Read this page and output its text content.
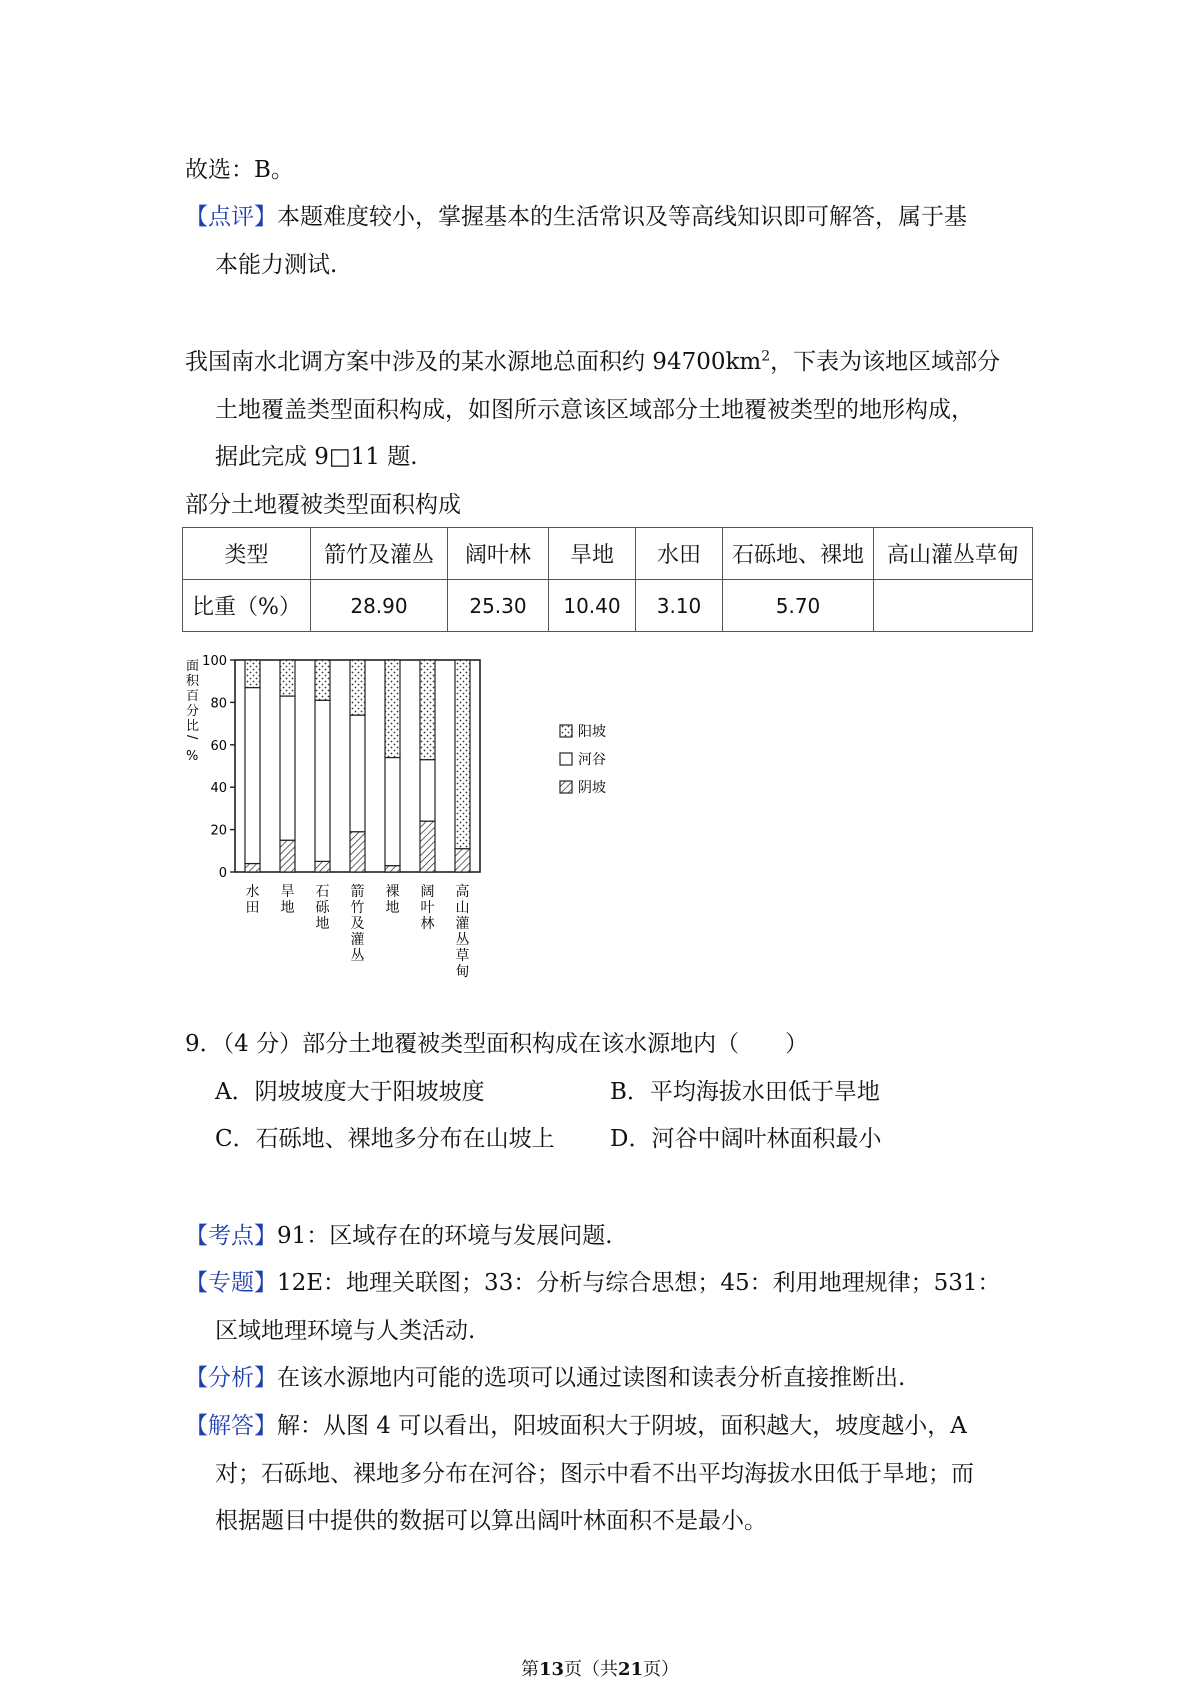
故选：B。
【点评】本题难度较小，掌握基本的生活常识及等高线知识即可解答，属于基
本能力测试.
我国南水北调方案中涉及的某水源地总面积约 $94700km^2$，下表为该地区域部分
土地覆盖类型面积构成，如图所示意该区域部分土地覆被类型的地形构成，
据此完成 9□11 题.
部分土地覆被类型面积构成
类型	箭竹及灌丛	阔叶林	旱地	水田	石砾地、裸地	高山灌丛草甸
比重（%）	28.90	25.30	10.40	3.10	5.70	
面
积
百
分
比
/
%
0
20
40
60
80
100
水
田
旱
地
石
砾
地
箭
竹
及
灌
丛
裸
地
阔
叶
林
高
山
灌
丛
草
甸
阳坡
河谷
阴坡
9．（4 分）部分土地覆被类型面积构成在该水源地内（　　）
A．阴坡坡度大于阳坡坡度	B．平均海拔水田低于旱地
C．石砾地、裸地多分布在山坡上 D．河谷中阔叶林面积最小
【考点】91：区域存在的环境与发展问题.
【专题】12E：地理关联图；33：分析与综合思想；45：利用地理规律；531：
区域地理环境与人类活动.
【分析】在该水源地内可能的选项可以通过读图和读表分析直接推断出.
【解答】解：从图 4 可以看出，阳坡面积大于阴坡，面积越大，坡度越小，A
对；石砾地、裸地多分布在河谷；图示中看不出平均海拔水田低于旱地；而
根据题目中提供的数据可以算出阔叶林面积不是最小。
第13页（共21页）
